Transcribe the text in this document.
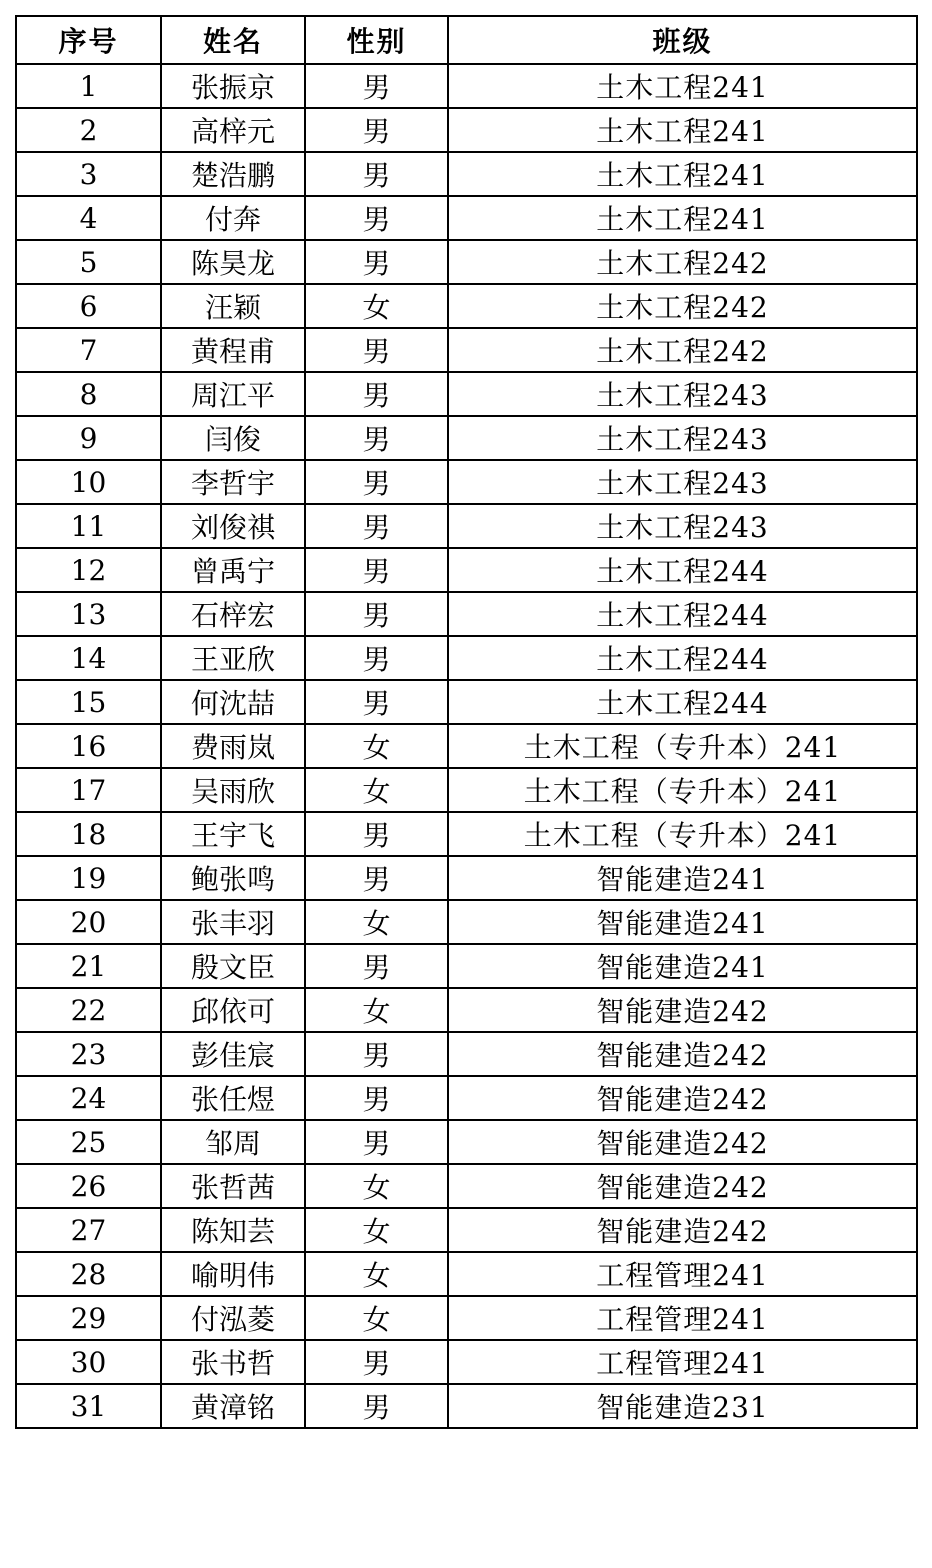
序号	姓名	性别	班级
1	张振京	男	土木工程241
2	高梓元	男	土木工程241
3	楚浩鹏	男	土木工程241
4	付奔	男	土木工程241
5	陈昊龙	男	土木工程242
6	汪颖	女	土木工程242
7	黄程甫	男	土木工程242
8	周江平	男	土木工程243
9	闫俊	男	土木工程243
10	李哲宇	男	土木工程243
11	刘俊祺	男	土木工程243
12	曾禹宁	男	土木工程244
13	石梓宏	男	土木工程244
14	王亚欣	男	土木工程244
15	何沈喆	男	土木工程244
16	费雨岚	女	土木工程（专升本）241
17	吴雨欣	女	土木工程（专升本）241
18	王宇飞	男	土木工程（专升本）241
19	鲍张鸣	男	智能建造241
20	张丰羽	女	智能建造241
21	殷文臣	男	智能建造241
22	邱依可	女	智能建造242
23	彭佳宸	男	智能建造242
24	张任煜	男	智能建造242
25	邹周	男	智能建造242
26	张哲茜	女	智能建造242
27	陈知芸	女	智能建造242
28	喻明伟	女	工程管理241
29	付泓菱	女	工程管理241
30	张书哲	男	工程管理241
31	黄漳铭	男	智能建造231
